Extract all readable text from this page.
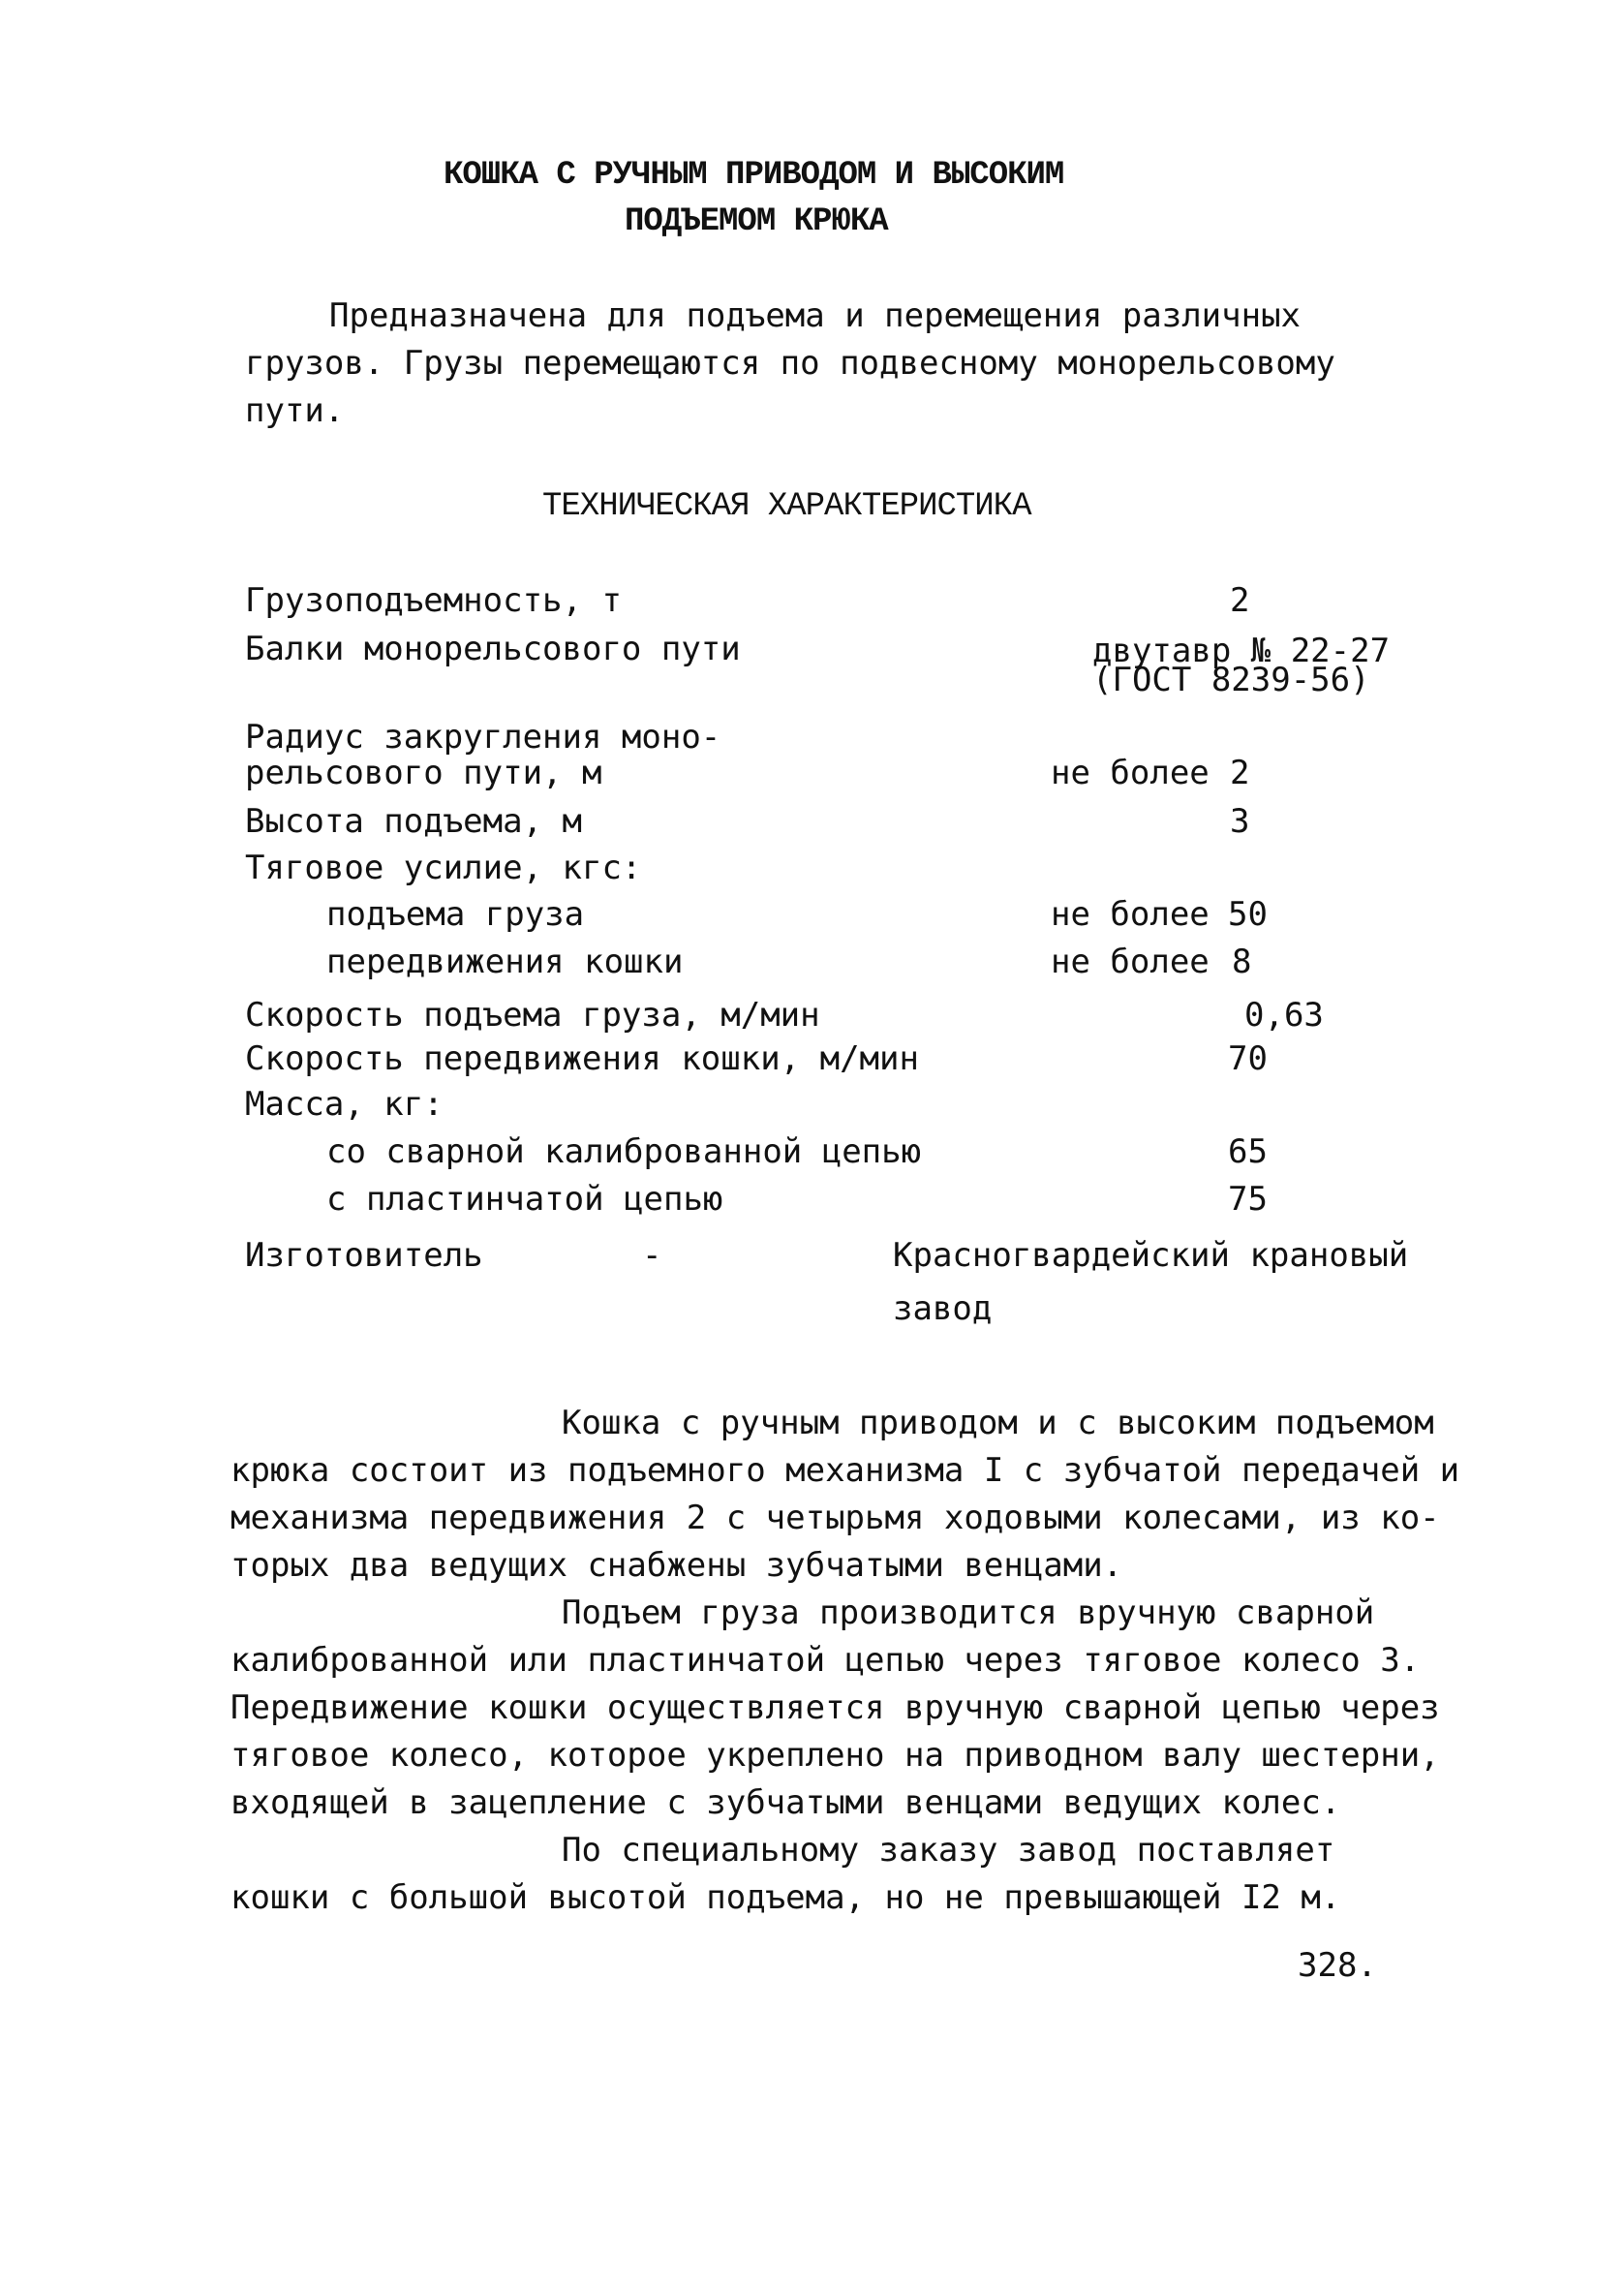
КОШКА С РУЧНЫМ ПРИВОДОМ И ВЫСОКИМ
ПОДЪЕМОМ КРЮКА
Предназначена для подъема и перемещения различных
грузов. Грузы перемещаются по подвесному монорельсовому
пути.
ТЕХНИЧЕСКАЯ ХАРАКТЕРИСТИКА
Грузоподъемность, т	2
Балки монорельсового пути	двутавр № 22-27
(ГОСТ 8239-56)
Радиус закругления моно-
рельсового пути, м	не более 2
Высота подъема, м	3
Тяговое усилие, кгс:
подъема груза	не более 50
передвижения кошки	не более 8
Скорость подъема груза, м/мин	0,63
Скорость передвижения кошки, м/мин	70
Масса, кг:
со сварной калиброванной цепью	65
с пластинчатой цепью	75
Изготовитель	-	Красногвардейский крановый
завод
Кошка с ручным приводом и с высоким подъемом
крюка состоит из подъемного механизма I с зубчатой передачей и
механизма передвижения 2 с четырьмя ходовыми колесами, из ко-
торых два ведущих снабжены зубчатыми венцами.
Подъем груза производится вручную сварной
калиброванной или пластинчатой цепью через тяговое колесо 3.
Передвижение кошки осуществляется вручную сварной цепью через
тяговое колесо, которое укреплено на приводном валу шестерни,
входящей в зацепление с зубчатыми венцами ведущих колес.
По специальному заказу завод поставляет
кошки с большой высотой подъема, но не превышающей I2 м.
328.
